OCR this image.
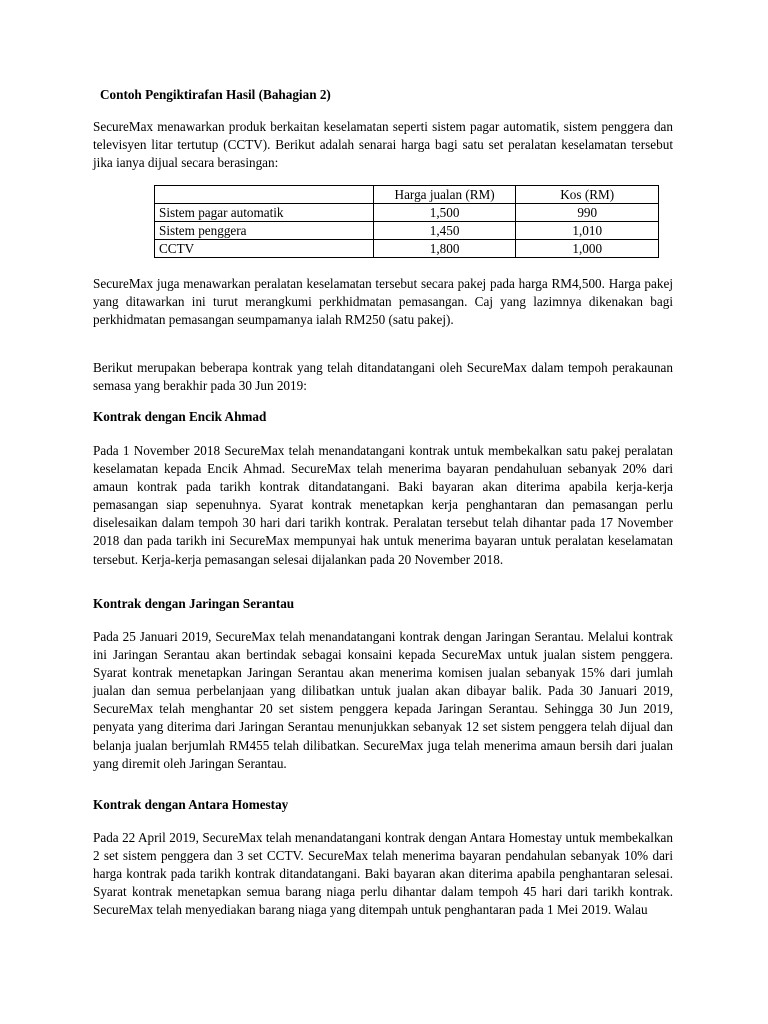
Contoh Pengiktirafan Hasil (Bahagian 2)
SecureMax menawarkan produk berkaitan keselamatan seperti sistem pagar automatik, sistem penggera dan televisyen litar tertutup (CCTV). Berikut adalah senarai harga bagi satu set peralatan keselamatan tersebut jika ianya dijual secara berasingan:
	Harga jualan (RM)	Kos (RM)
Sistem pagar automatik	1,500	990
Sistem penggera	1,450	1,010
CCTV	1,800	1,000
SecureMax juga menawarkan peralatan keselamatan tersebut secara pakej pada harga RM4,500. Harga pakej yang ditawarkan ini turut merangkumi perkhidmatan pemasangan. Caj yang lazimnya dikenakan bagi perkhidmatan pemasangan seumpamanya ialah RM250 (satu pakej).
Berikut merupakan beberapa kontrak yang telah ditandatangani oleh SecureMax dalam tempoh perakaunan semasa yang berakhir pada 30 Jun 2019:
Kontrak dengan Encik Ahmad
Pada 1 November 2018 SecureMax telah menandatangani kontrak untuk membekalkan satu pakej peralatan keselamatan kepada Encik Ahmad. SecureMax telah menerima bayaran pendahuluan sebanyak 20% dari amaun kontrak pada tarikh kontrak ditandatangani. Baki bayaran akan diterima apabila kerja-kerja pemasangan siap sepenuhnya. Syarat kontrak menetapkan kerja penghantaran dan pemasangan perlu diselesaikan dalam tempoh 30 hari dari tarikh kontrak. Peralatan tersebut telah dihantar pada 17 November 2018 dan pada tarikh ini SecureMax mempunyai hak untuk menerima bayaran untuk peralatan keselamatan tersebut. Kerja-kerja pemasangan selesai dijalankan pada 20 November 2018.
Kontrak dengan Jaringan Serantau
Pada 25 Januari 2019, SecureMax telah menandatangani kontrak dengan Jaringan Serantau. Melalui kontrak ini Jaringan Serantau akan bertindak sebagai konsaini kepada SecureMax untuk jualan sistem penggera. Syarat kontrak menetapkan Jaringan Serantau akan menerima komisen jualan sebanyak 15% dari jumlah jualan dan semua perbelanjaan yang dilibatkan untuk jualan akan dibayar balik. Pada 30 Januari 2019, SecureMax telah menghantar 20 set sistem penggera kepada Jaringan Serantau. Sehingga 30 Jun 2019, penyata yang diterima dari Jaringan Serantau menunjukkan sebanyak 12 set sistem penggera telah dijual dan belanja jualan berjumlah RM455 telah dilibatkan. SecureMax juga telah menerima amaun bersih dari jualan yang diremit oleh Jaringan Serantau.
Kontrak dengan Antara Homestay
Pada 22 April 2019, SecureMax telah menandatangani kontrak dengan Antara Homestay untuk membekalkan 2 set sistem penggera dan 3 set CCTV. SecureMax telah menerima bayaran pendahulan sebanyak 10% dari harga kontrak pada tarikh kontrak ditandatangani. Baki bayaran akan diterima apabila penghantaran selesai. Syarat kontrak menetapkan semua barang niaga perlu dihantar dalam tempoh 45 hari dari tarikh kontrak. SecureMax telah menyediakan barang niaga yang ditempah untuk penghantaran pada 1 Mei 2019. Walau
